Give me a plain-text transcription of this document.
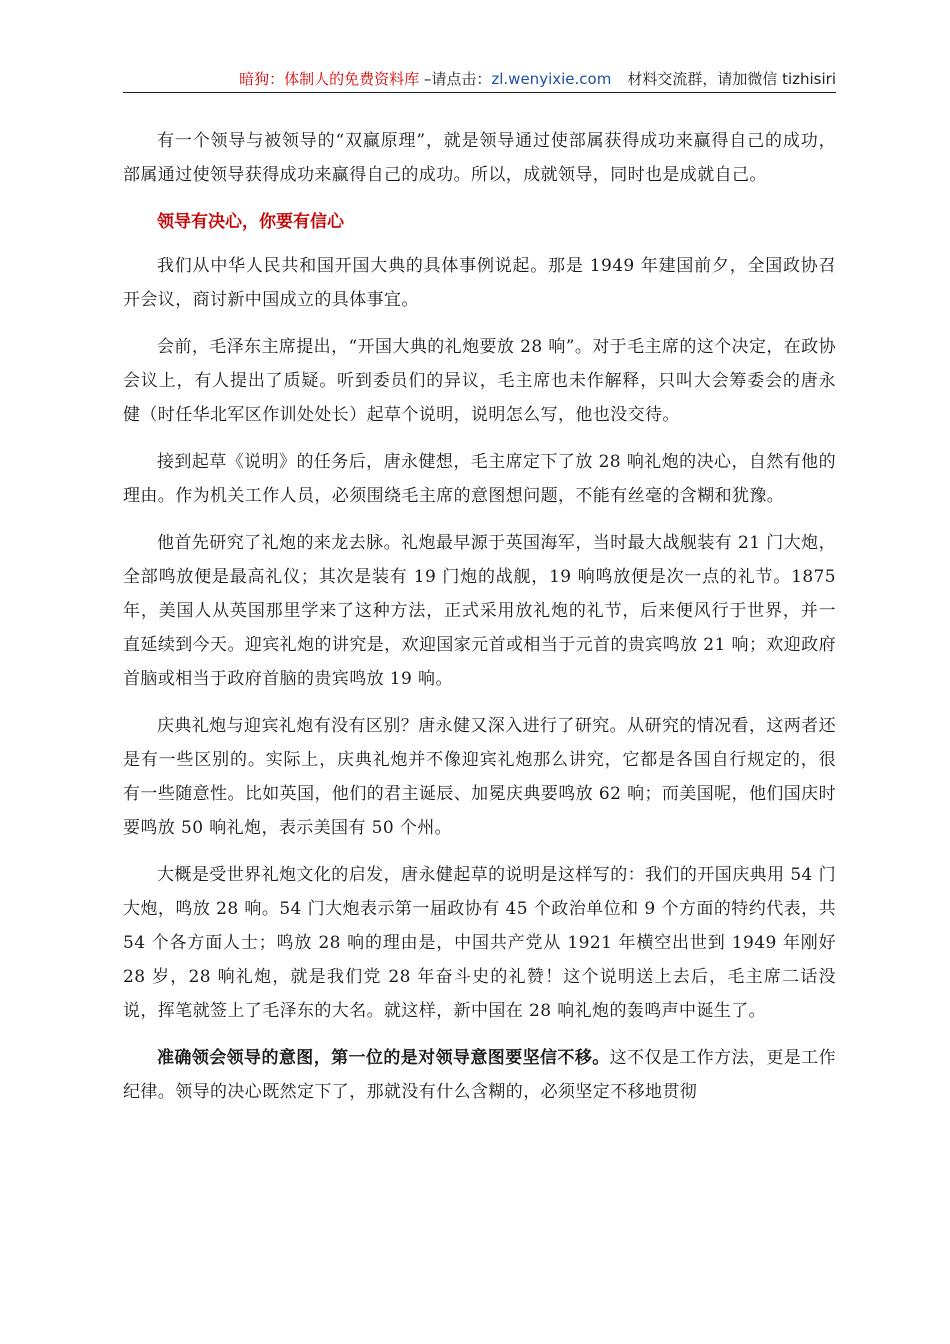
暗狗：体制人的免费资料库 –请点击：zl.wenyixie.com 材料交流群，请加微信 tizhisiri

有一个领导与被领导的“双赢原理”，就是领导通过使部属获得成功来赢得自己的成功，部属通过使领导获得成功来赢得自己的成功。所以，成就领导，同时也是成就自己。

领导有决心，你要有信心

我们从中华人民共和国开国大典的具体事例说起。那是 1949 年建国前夕，全国政协召开会议，商讨新中国成立的具体事宜。

会前，毛泽东主席提出，“开国大典的礼炮要放 28 响”。对于毛主席的这个决定，在政协会议上，有人提出了质疑。听到委员们的异议，毛主席也未作解释，只叫大会筹委会的唐永健（时任华北军区作训处处长）起草个说明，说明怎么写，他也没交待。

接到起草《说明》的任务后，唐永健想，毛主席定下了放 28 响礼炮的决心，自然有他的理由。作为机关工作人员，必须围绕毛主席的意图想问题，不能有丝毫的含糊和犹豫。

他首先研究了礼炮的来龙去脉。礼炮最早源于英国海军，当时最大战舰装有 21 门大炮，全部鸣放便是最高礼仪；其次是装有 19 门炮的战舰，19 响鸣放便是次一点的礼节。1875 年，美国人从英国那里学来了这种方法，正式采用放礼炮的礼节，后来便风行于世界，并一直延续到今天。迎宾礼炮的讲究是，欢迎国家元首或相当于元首的贵宾鸣放 21 响；欢迎政府首脑或相当于政府首脑的贵宾鸣放 19 响。

庆典礼炮与迎宾礼炮有没有区别？唐永健又深入进行了研究。从研究的情况看，这两者还是有一些区别的。实际上，庆典礼炮并不像迎宾礼炮那么讲究，它都是各国自行规定的，很有一些随意性。比如英国，他们的君主诞辰、加冕庆典要鸣放 62 响；而美国呢，他们国庆时要鸣放 50 响礼炮，表示美国有 50 个州。

大概是受世界礼炮文化的启发，唐永健起草的说明是这样写的：我们的开国庆典用 54 门大炮，鸣放 28 响。54 门大炮表示第一届政协有 45 个政治单位和 9 个方面的特约代表，共 54 个各方面人士；鸣放 28 响的理由是，中国共产党从 1921 年横空出世到 1949 年刚好 28 岁，28 响礼炮，就是我们党 28 年奋斗史的礼赞！这个说明送上去后，毛主席二话没说，挥笔就签上了毛泽东的大名。就这样，新中国在 28 响礼炮的轰鸣声中诞生了。

准确领会领导的意图，第一位的是对领导意图要坚信不移。这不仅是工作方法，更是工作纪律。领导的决心既然定下了，那就没有什么含糊的，必须坚定不移地贯彻
